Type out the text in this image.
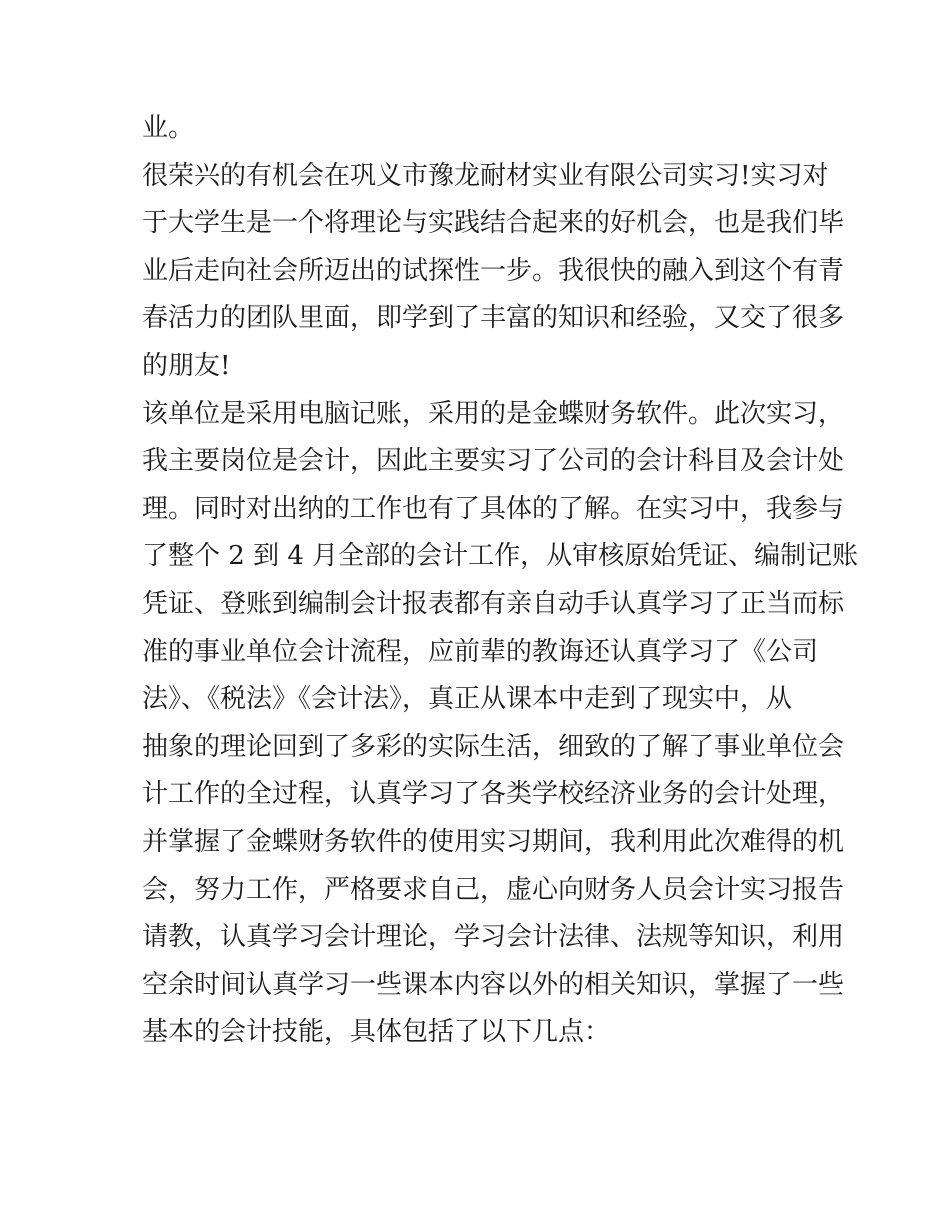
业。
很荣兴的有机会在巩义市豫龙耐材实业有限公司实习!实习对
于大学生是一个将理论与实践结合起来的好机会，也是我们毕
业后走向社会所迈出的试探性一步。我很快的融入到这个有青
春活力的团队里面，即学到了丰富的知识和经验，又交了很多
的朋友!
该单位是采用电脑记账，采用的是金蝶财务软件。此次实习，
我主要岗位是会计，因此主要实习了公司的会计科目及会计处
理。同时对出纳的工作也有了具体的了解。在实习中，我参与
了整个 2 到 4 月全部的会计工作，从审核原始凭证、编制记账
凭证、登账到编制会计报表都有亲自动手认真学习了正当而标
准的事业单位会计流程，应前辈的教诲还认真学习了《公司
法》、《税法》《会计法》，真正从课本中走到了现实中，从
抽象的理论回到了多彩的实际生活，细致的了解了事业单位会
计工作的全过程，认真学习了各类学校经济业务的会计处理，
并掌握了金蝶财务软件的使用实习期间，我利用此次难得的机
会，努力工作，严格要求自己，虚心向财务人员会计实习报告
请教，认真学习会计理论，学习会计法律、法规等知识，利用
空余时间认真学习一些课本内容以外的相关知识，掌握了一些
基本的会计技能，具体包括了以下几点：
